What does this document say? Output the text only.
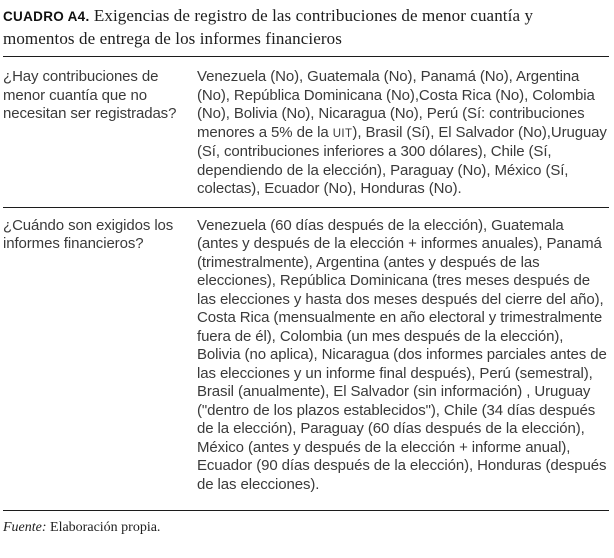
CUADRO A4. Exigencias de registro de las contribuciones de menor cuantía y momentos de entrega de los informes financieros
¿Hay contribuciones de menor cuantía que no necesitan ser registradas?
Venezuela (No), Guatemala (No), Panamá (No), Argentina (No), República Dominicana (No),Costa Rica (No), Colombia (No), Bolivia (No), Nicaragua (No), Perú (Sí: contribuciones menores a 5% de la UIT), Brasil (Sí), El Salvador (No),Uruguay (Sí, contribuciones inferiores a 300 dólares), Chile (Sí, dependiendo de la elección), Paraguay (No), México (Sí, colectas), Ecuador (No), Honduras (No).
¿Cuándo son exigidos los informes financieros?
Venezuela (60 días después de la elección), Guatemala (antes y después de la elección + informes anuales), Panamá (trimestralmente), Argentina (antes y después de las elecciones), República Dominicana (tres meses después de las elecciones y hasta dos meses después del cierre del año), Costa Rica (mensualmente en año electoral y trimestralmente fuera de él), Colombia (un mes después de la elección), Bolivia (no aplica), Nicaragua (dos informes parciales antes de las elecciones y un informe final después), Perú (semestral), Brasil (anualmente), El Salvador (sin información) , Uruguay ("dentro de los plazos establecidos"), Chile (34 días después de la elección), Paraguay (60 días después de la elección), México (antes y después de la elección + informe anual), Ecuador (90 días después de la elección), Honduras (después de las elecciones).
Fuente: Elaboración propia.
